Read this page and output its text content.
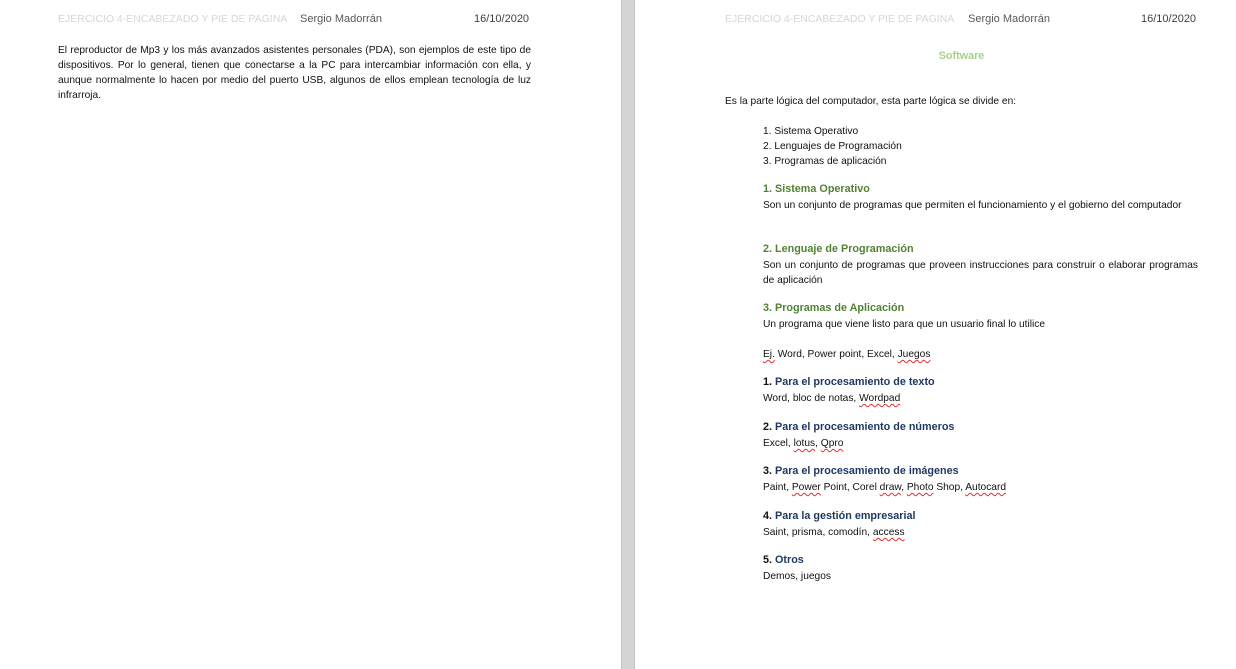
EJERCICIO 4-ENCABEZADO Y PIE DE PAGINA Sergio Madorrán	16/10/2020

El reproductor de Mp3 y los más avanzados asistentes personales (PDA), son ejemplos de este tipo de dispositivos. Por lo general, tienen que conectarse a la PC para intercambiar información con ella, y aunque normalmente lo hacen por medio del puerto USB, algunos de ellos emplean tecnología de luz infrarroja.

EJERCICIO 4-ENCABEZADO Y PIE DE PAGINA Sergio Madorrán	16/10/2020
Software
Es la parte lógica del computador, esta parte lógica se divide en:
1. Sistema Operativo
2. Lenguajes de Programación
3. Programas de aplicación
1. Sistema Operativo

Son un conjunto de programas que permiten el funcionamiento y el gobierno del computador

2. Lenguaje de Programación

Son un conjunto de programas que proveen instrucciones para construir o elaborar programas de aplicación

3. Programas de Aplicación

Un programa que viene listo para que un usuario final lo utilice

Ej. Word, Power point, Excel, Juegos
1. Para el procesamiento de texto
Word, bloc de notas, Wordpad
2. Para el procesamiento de números
Excel, lotus, Qpro
3. Para el procesamiento de imágenes
Paint, Power Point, Corel draw, Photo Shop, Autocard
4. Para la gestión empresarial
Saint, prisma, comodín, access
5. Otros
Demos, juegos
